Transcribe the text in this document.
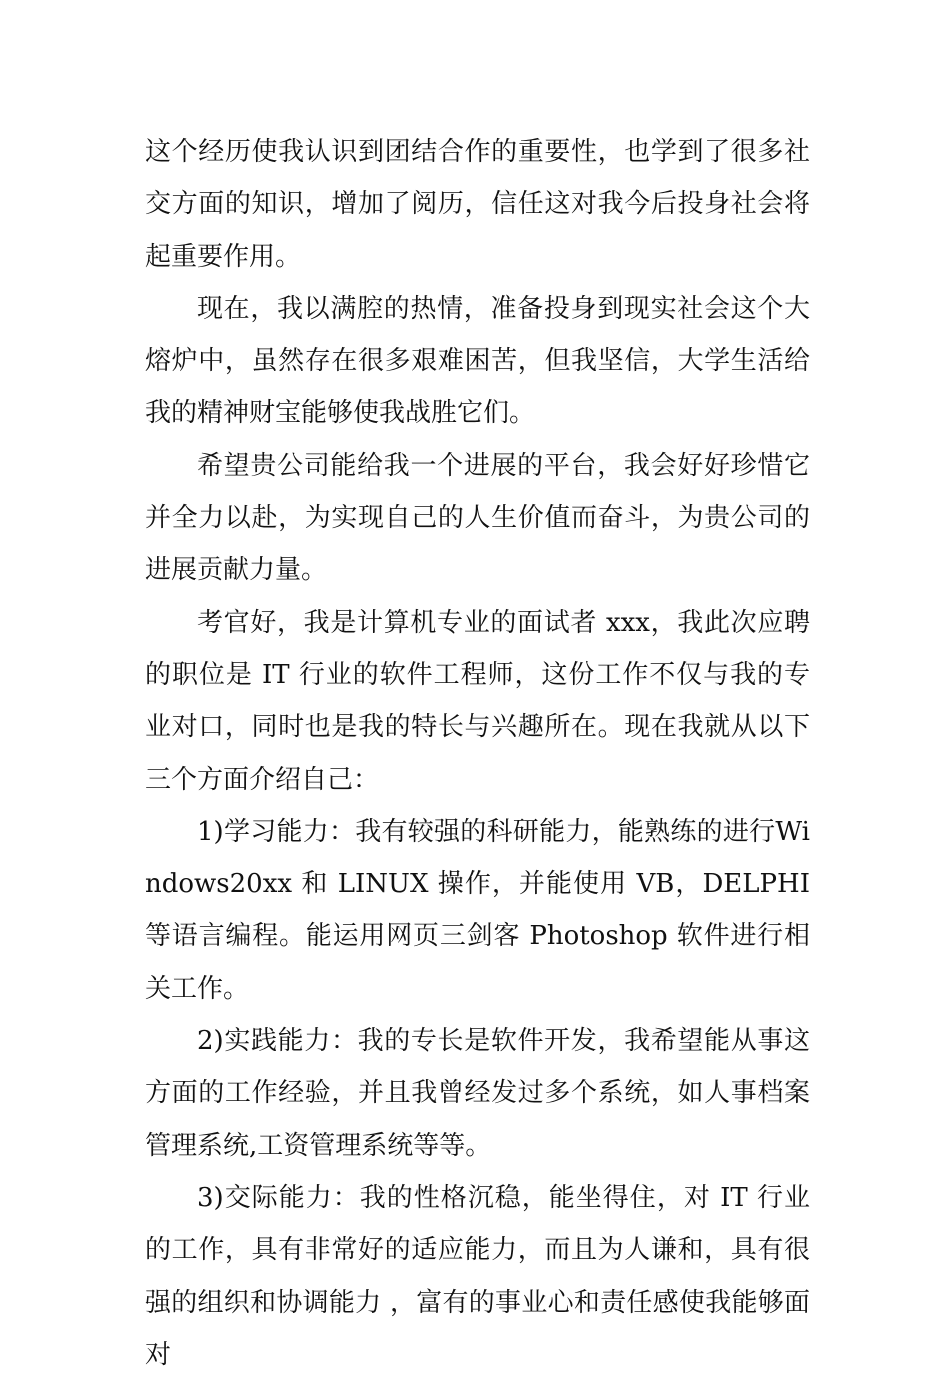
这个经历使我认识到团结合作的重要性，也学到了很多社交方面的知识，增加了阅历，信任这对我今后投身社会将起重要作用。

现在，我以满腔的热情，准备投身到现实社会这个大熔炉中，虽然存在很多艰难困苦，但我坚信，大学生活给我的精神财宝能够使我战胜它们。

希望贵公司能给我一个进展的平台，我会好好珍惜它并全力以赴，为实现自己的人生价值而奋斗，为贵公司的进展贡献力量。

考官好，我是计算机专业的面试者 xxx，我此次应聘的职位是 IT 行业的软件工程师，这份工作不仅与我的专业对口，同时也是我的特长与兴趣所在。现在我就从以下三个方面介绍自己：

1)学习能力：我有较强的科研能力，能熟练的进行Windows20xx 和 LINUX 操作，并能使用 VB，DELPHI 等语言编程。能运用网页三剑客 Photoshop 软件进行相关工作。

2)实践能力：我的专长是软件开发，我希望能从事这方面的工作经验，并且我曾经发过多个系统，如人事档案管理系统,工资管理系统等等。

3)交际能力：我的性格沉稳，能坐得住，对 IT 行业的工作，具有非常好的适应能力，而且为人谦和，具有很强的组织和协调能力 ，富有的事业心和责任感使我能够面对
